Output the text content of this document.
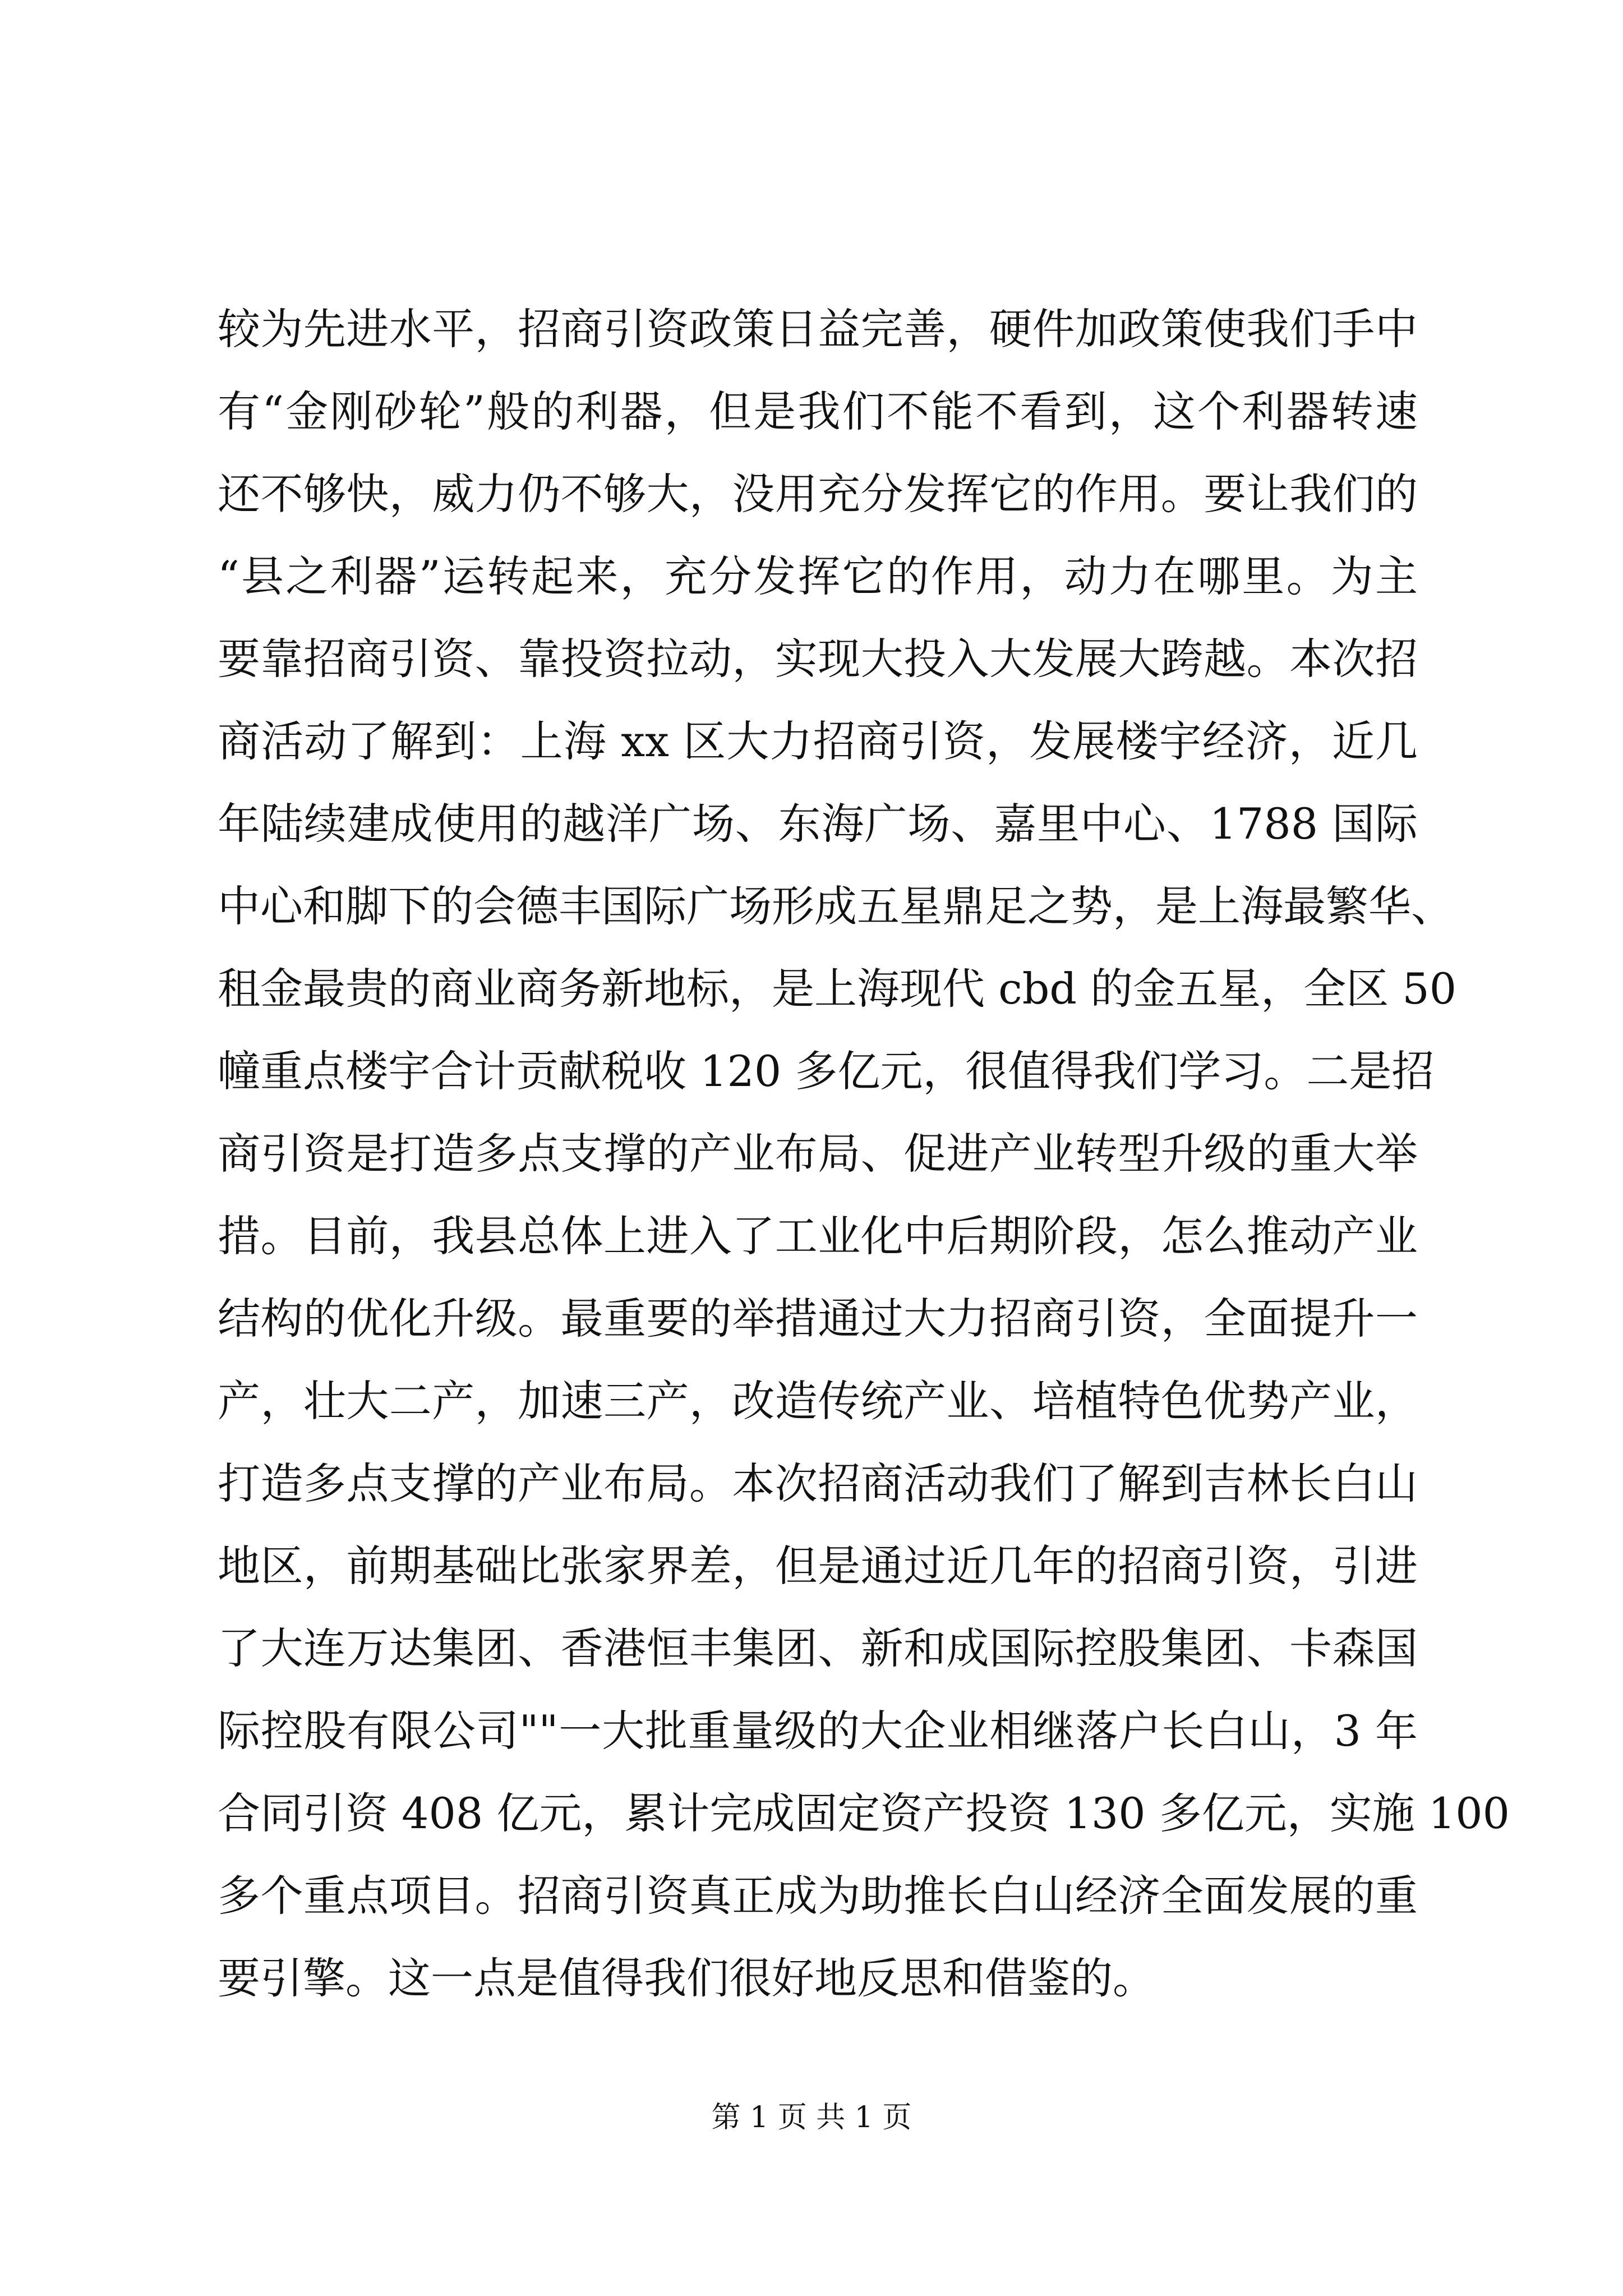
较为先进水平，招商引资政策日益完善，硬件加政策使我们手中

有“金刚砂轮”般的利器，但是我们不能不看到，这个利器转速

还不够快，威力仍不够大，没用充分发挥它的作用。要让我们的

“县之利器”运转起来，充分发挥它的作用，动力在哪里。为主

要靠招商引资、靠投资拉动，实现大投入大发展大跨越。本次招

商活动了解到：上海 xx 区大力招商引资，发展楼宇经济，近几

年陆续建成使用的越洋广场、东海广场、嘉里中心、1788 国际

中心和脚下的会德丰国际广场形成五星鼎足之势，是上海最繁华、

租金最贵的商业商务新地标，是上海现代 cbd 的金五星，全区 50

幢重点楼宇合计贡献税收 120 多亿元，很值得我们学习。二是招

商引资是打造多点支撑的产业布局、促进产业转型升级的重大举

措。目前，我县总体上进入了工业化中后期阶段，怎么推动产业

结构的优化升级。最重要的举措通过大力招商引资，全面提升一

产，壮大二产，加速三产，改造传统产业、培植特色优势产业，

打造多点支撑的产业布局。本次招商活动我们了解到吉林长白山

地区，前期基础比张家界差，但是通过近几年的招商引资，引进

了大连万达集团、香港恒丰集团、新和成国际控股集团、卡森国

际控股有限公司""一大批重量级的大企业相继落户长白山，3 年

合同引资 408 亿元，累计完成固定资产投资 130 多亿元，实施 100

多个重点项目。招商引资真正成为助推长白山经济全面发展的重

要引擎。这一点是值得我们很好地反思和借鉴的。

第 1 页 共 1 页
